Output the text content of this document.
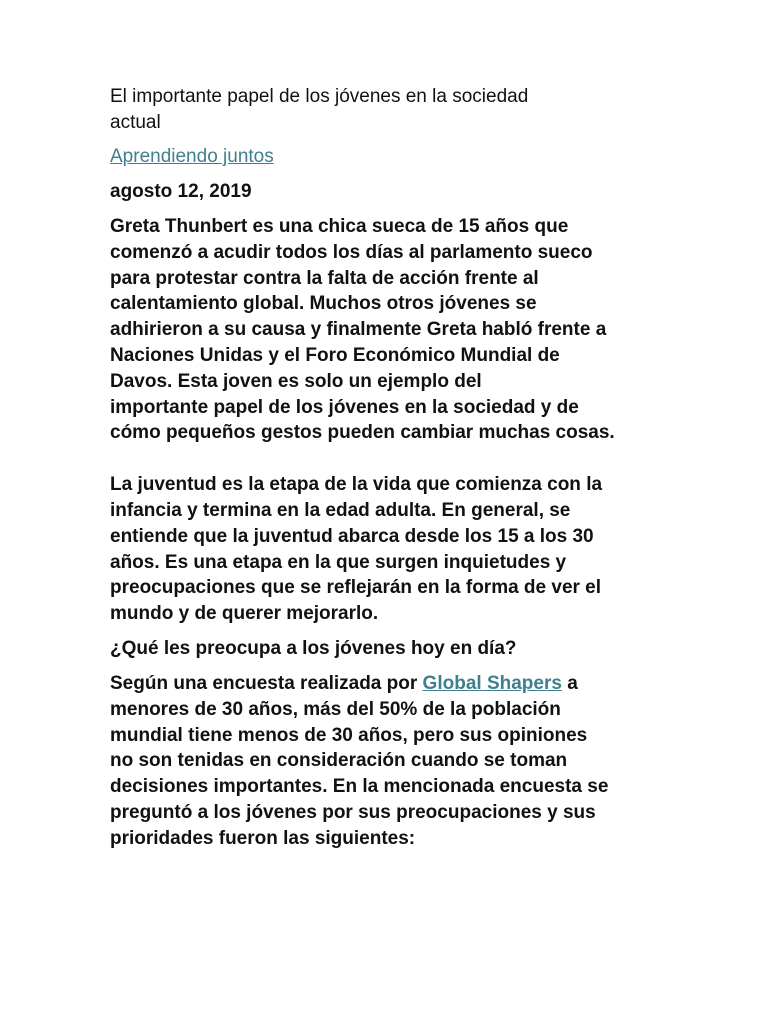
El importante papel de los jóvenes en la sociedad
actual
Aprendiendo juntos
agosto 12, 2019
Greta Thunbert es una chica sueca de 15 años que
comenzó a acudir todos los días al parlamento sueco
para protestar contra la falta de acción frente al
calentamiento global. Muchos otros jóvenes se
adhirieron a su causa y finalmente Greta habló frente a
Naciones Unidas y el Foro Económico Mundial de
Davos. Esta joven es solo un ejemplo del
importante papel de los jóvenes en la sociedad y de
cómo pequeños gestos pueden cambiar muchas cosas.
La juventud es la etapa de la vida que comienza con la
infancia y termina en la edad adulta. En general, se
entiende que la juventud abarca desde los 15 a los 30
años. Es una etapa en la que surgen inquietudes y
preocupaciones que se reflejarán en la forma de ver el
mundo y de querer mejorarlo.
¿Qué les preocupa a los jóvenes hoy en día?
Según una encuesta realizada por Global Shapers a
menores de 30 años, más del 50% de la población
mundial tiene menos de 30 años, pero sus opiniones
no son tenidas en consideración cuando se toman
decisiones importantes. En la mencionada encuesta se
preguntó a los jóvenes por sus preocupaciones y sus
prioridades fueron las siguientes:
